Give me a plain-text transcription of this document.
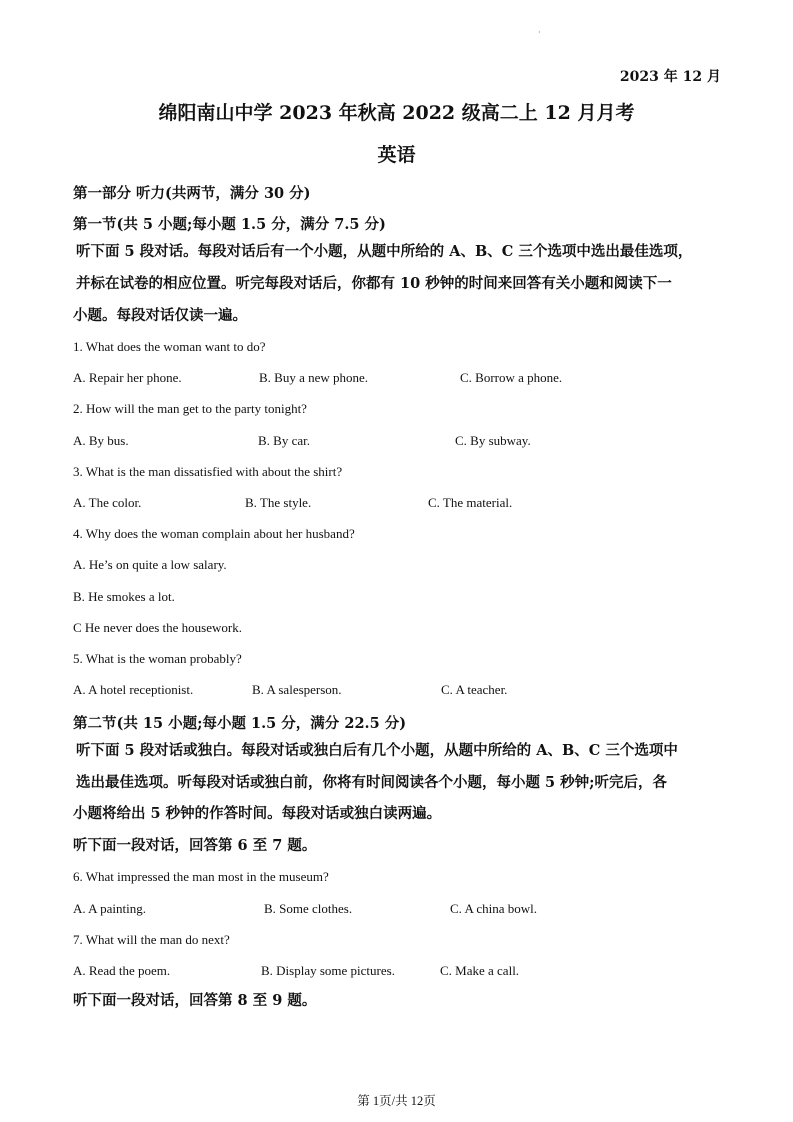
·
2023 年 12 月
绵阳南山中学 2023 年秋高 2022 级高二上 12 月月考
英语
第一部分 听力(共两节，满分 30 分)
第一节(共 5 小题;每小题 1.5 分，满分 7.5 分)
听下面 5 段对话。每段对话后有一个小题，从题中所给的 A、B、C 三个选项中选出最佳选项，
并标在试卷的相应位置。听完每段对话后，你都有 10 秒钟的时间来回答有关小题和阅读下一
小题。每段对话仅读一遍。
1. What does the woman want to do?
A. Repair her phone.	B. Buy a new phone.	C. Borrow a phone.
2. How will the man get to the party tonight?
A. By bus.	B. By car.	C. By subway.
3. What is the man dissatisfied with about the shirt?
A. The color.	B. The style.	C. The material.
4. Why does the woman complain about her husband?
A. He’s on quite a low salary.
B. He smokes a lot.
C He never does the housework.
5. What is the woman probably?
A. A hotel receptionist.	B. A salesperson.	C. A teacher.
第二节(共 15 小题;每小题 1.5 分，满分 22.5 分)
听下面 5 段对话或独白。每段对话或独白后有几个小题，从题中所给的 A、B、C 三个选项中
选出最佳选项。听每段对话或独白前，你将有时间阅读各个小题，每小题 5 秒钟;听完后，各
小题将给出 5 秒钟的作答时间。每段对话或独白读两遍。
听下面一段对话，回答第 6 至 7 题。
6. What impressed the man most in the museum?
A. A painting.	B. Some clothes.	C. A china bowl.
7. What will the man do next?
A. Read the poem.	B. Display some pictures.	C. Make a call.
听下面一段对话，回答第 8 至 9 题。
第 1页/共 12页
